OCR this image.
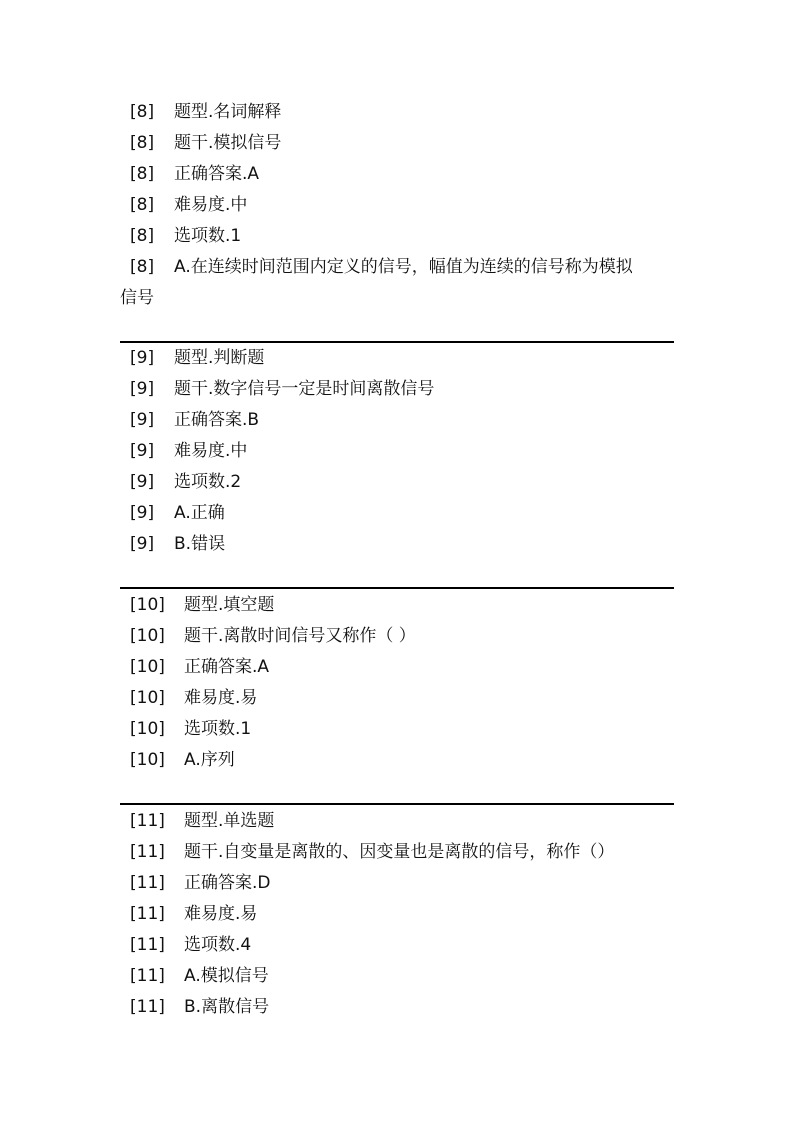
[8]	题型.名词解释
[8]	题干.模拟信号
[8]	正确答案.A
[8]	难易度.中
[8]	选项数.1
[8] A.在连续时间范围内定义的信号，幅值为连续的信号称为模拟
信号
[9]	题型.判断题
[9]	题干.数字信号一定是时间离散信号
[9]	正确答案.B
[9]	难易度.中
[9]	选项数.2
[9]	A.正确
[9]	B.错误
[10]	题型.填空题
[10]	题干.离散时间信号又称作（ ）
[10]	正确答案.A
[10]	难易度.易
[10]	选项数.1
[10]	A.序列
[11]	题型.单选题
[11]	题干.自变量是离散的、因变量也是离散的信号，称作（）
[11]	正确答案.D
[11]	难易度.易
[11]	选项数.4
[11]	A.模拟信号
[11]	B.离散信号
